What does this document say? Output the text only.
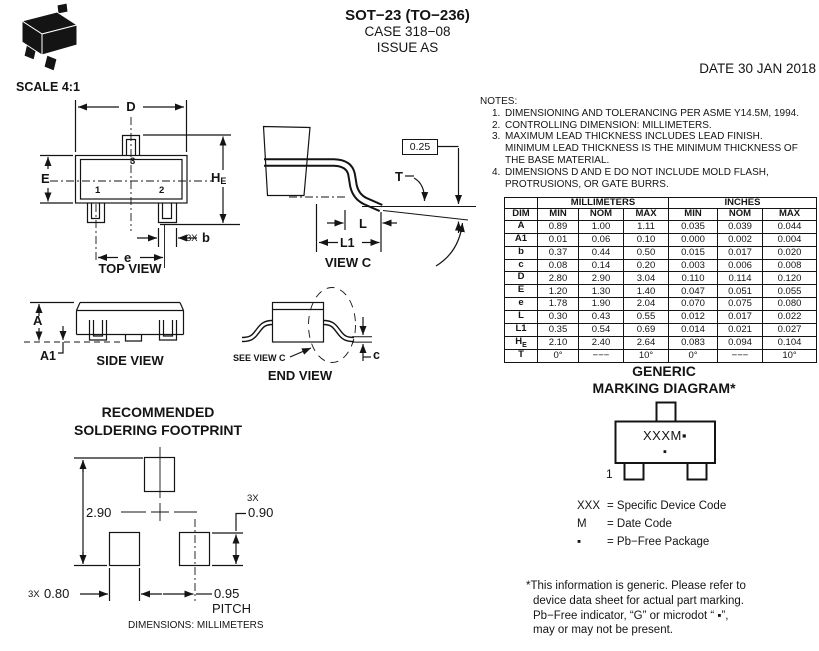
SOT−23 (TO−236)
CASE 318−08
ISSUE AS
DATE 30 JAN 2018
SCALE 4:1
D
E	$H_E$
e
3X b
3
1	2
TOP VIEW
0.25
T
L
L1
VIEW C
A
A1	SIDE VIEW	SEE VIEW C	c
END VIEW
NOTES:
1. DIMENSIONING AND TOLERANCING PER ASME Y14.5M, 1994.
2. CONTROLLING DIMENSION: MILLIMETERS.
3. MAXIMUM LEAD THICKNESS INCLUDES LEAD FINISH.
MINIMUM LEAD THICKNESS IS THE MINIMUM THICKNESS OF
THE BASE MATERIAL.
4. DIMENSIONS D AND E DO NOT INCLUDE MOLD FLASH,
PROTRUSIONS, OR GATE BURRS.
	MILLIMETERS			INCHES		
DIM	MIN	NOM	MAX	MIN	NOM	MAX
A	0.89	1.00	1.11	0.035	0.039	0.044
A1	0.01	0.06	0.10	0.000	0.002	0.004
b	0.37	0.44	0.50	0.015	0.017	0.020
c	0.08	0.14	0.20	0.003	0.006	0.008
D	2.80	2.90	3.04	0.110	0.114	0.120
E	1.20	1.30	1.40	0.047	0.051	0.055
e	1.78	1.90	2.04	0.070	0.075	0.080
L	0.30	0.43	0.55	0.012	0.017	0.022
L1	0.35	0.54	0.69	0.014	0.021	0.027
$H_E$	2.10	2.40	2.64	0.083	0.094	0.104
T	0°	−−−	10°	0°	−−−	10°
GENERIC
MARKING DIAGRAM*
XXXM▪
▪
1
XXX = Specific Device Code
M = Date Code
▪ = Pb−Free Package
*This information is generic. Please refer to
device data sheet for actual part marking.
Pb−Free indicator, “G” or microdot “ ▪”,
may or may not be present.
RECOMMENDED
SOLDERING FOOTPRINT
2.90
3X
0.90
3X 0.80	0.95
PITCH
DIMENSIONS: MILLIMETERS
